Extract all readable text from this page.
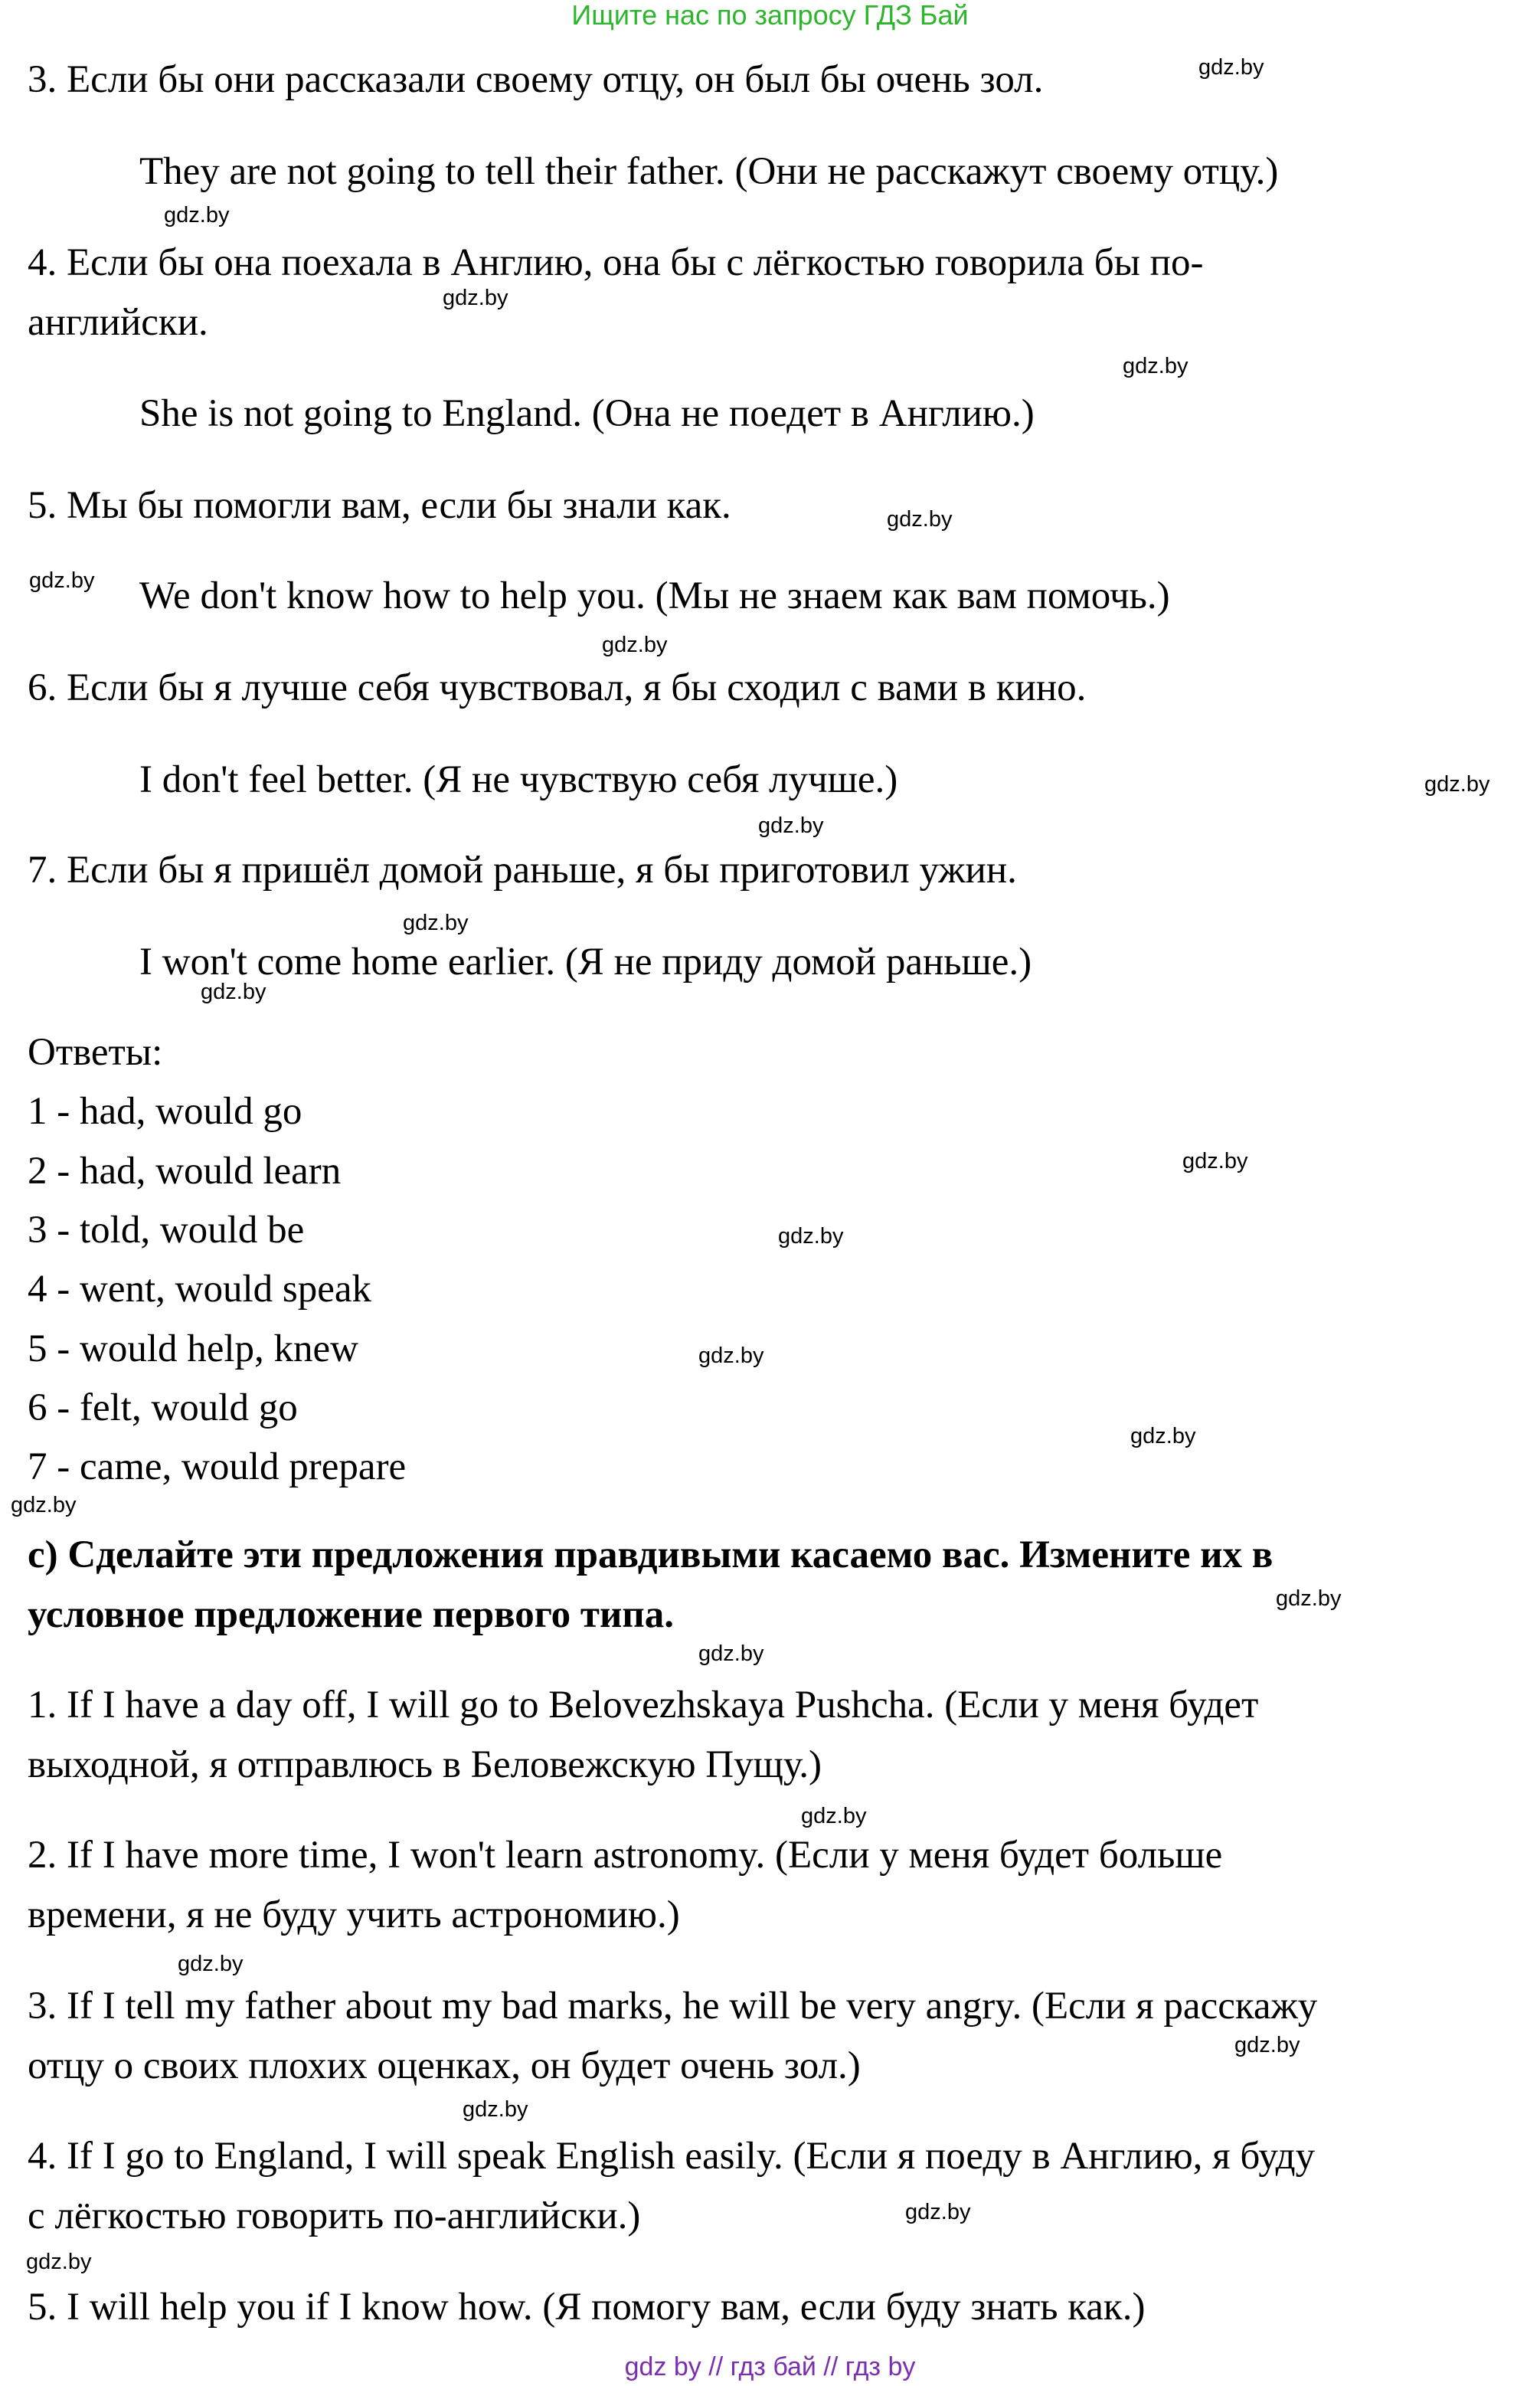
Ищите нас по запросу ГДЗ Бай
3. Если бы они рассказали своему отцу, он был бы очень зол.
They are not going to tell their father. (Они не расскажут своему отцу.)
4. Если бы она поехала в Англию, она бы с лёгкостью говорила бы по-
английски.
She is not going to England. (Она не поедет в Англию.)
5. Мы бы помогли вам, если бы знали как.
We don't know how to help you. (Мы не знаем как вам помочь.)
6. Если бы я лучше себя чувствовал, я бы сходил с вами в кино.
I don't feel better. (Я не чувствую себя лучше.)
7. Если бы я пришёл домой раньше, я бы приготовил ужин.
I won't come home earlier. (Я не приду домой раньше.)
Ответы:
1 - had, would go
2 - had, would learn
3 - told, would be
4 - went, would speak
5 - would help, knew
6 - felt, would go
7 - came, would prepare
c) Сделайте эти предложения правдивыми касаемо вас. Измените их в
условное предложение первого типа.
1. If I have a day off, I will go to Belovezhskaya Pushcha. (Если у меня будет
выходной, я отправлюсь в Беловежскую Пущу.)
2. If I have more time, I won't learn astronomy. (Если у меня будет больше
времени, я не буду учить астрономию.)
3. If I tell my father about my bad marks, he will be very angry. (Если я расскажу
отцу о своих плохих оценках, он будет очень зол.)
4. If I go to England, I will speak English easily. (Если я поеду в Англию, я буду
с лёгкостью говорить по-английски.)
5. I will help you if I know how. (Я помогу вам, если буду знать как.)
gdz.by
gdz.by
gdz.by
gdz.by
gdz.by
gdz.by
gdz.by
gdz.by
gdz.by
gdz.by
gdz.by
gdz.by
gdz.by
gdz.by
gdz.by
gdz.by
gdz.by
gdz.by
gdz.by
gdz.by
gdz.by
gdz.by
gdz.by
gdz.by
gdz by // гдз бай // гдз by
